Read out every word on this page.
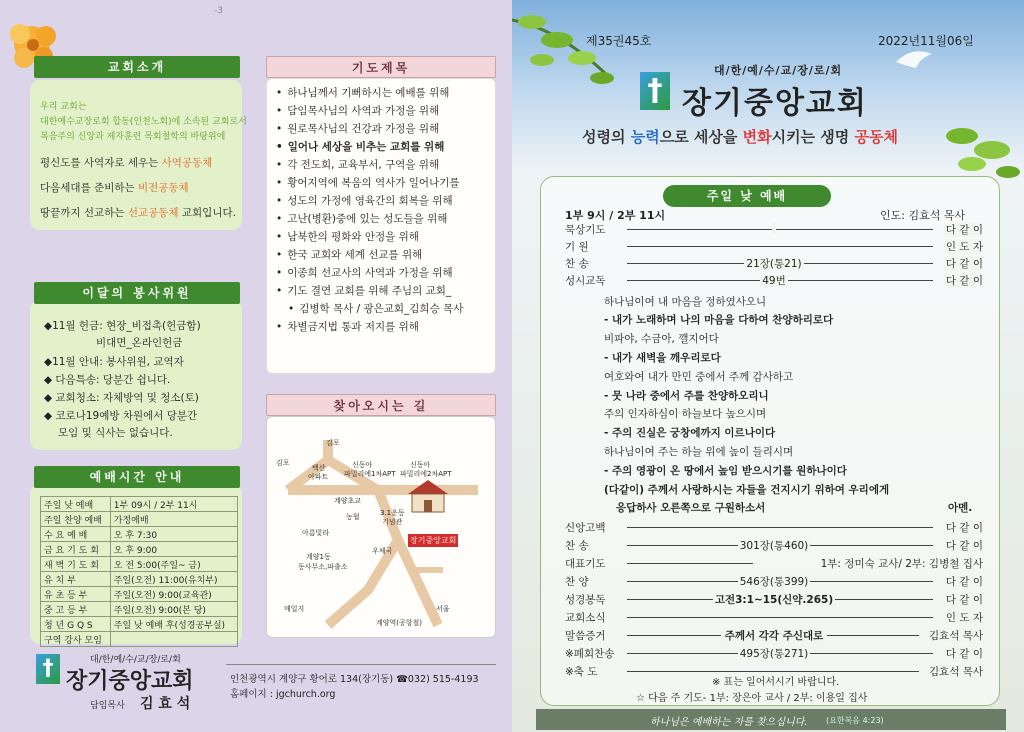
-3
교회소개
우리 교회는
대한예수교장로회 합동(인천노회)에 소속된 교회로서
복음주의 신앙과 제자훈련 목회철학의 바탕위에
평신도를 사역자로 세우는 사역공동체
다음세대를 준비하는 비전공동체
땅끝까지 선교하는 선교공동체 교회입니다.
이달의 봉사위원
◆11월 헌금: 현장_비접촉(헌금함)
비대면_온라인헌금
◆11월 안내: 봉사위원, 교역자
◆ 다음특송: 당분간 쉽니다.
◆ 교회청소: 자체방역 및 청소(토)
◆ 코로나19예방 차원에서 당분간
모임 및 식사는 없습니다.
예배시간 안내
주일 낮 예배	1부 09시 / 2부 11시
주일 찬양 예배	가정예배
수 요 예 배	오 후 7:30
금 요 기 도 회	오 후 9:00
새 벽 기 도 회	오 전 5:00(주일~ 금)
유 치 부	주일(오전) 11:00(유치부)
유 초 등 부	주일(오전) 9:00(교육관)
중 고 등 부	주일(오전) 9:00(본 당)
청 년 G Q S	주일 낮 예배 후(성경공부실)
구역 강사 모임	
†	대/한/예/수/교/장/로/회
장기중앙교회
담임목사 김 효 석
인천광역시 계양구 황어로 134(장기동) ☎032) 515-4193
홈페이지 : jgchurch.org
기도제목
• 하나님께서 기뻐하시는 예배를 위해
• 담임목사님의 사역과 가정을 위해
• 원로목사님의 건강과 가정을 위해
• 일어나 세상을 비추는 교회를 위해
• 각 전도회, 교육부서, 구역을 위해
• 황어지역에 복음의 역사가 일어나기를
• 성도의 가정에 영육간의 회복을 위해
• 고난(병환)중에 있는 성도들을 위해
• 남북한의 평화와 안정을 위해
• 한국 교회와 세계 선교를 위해
• 이종희 선교사의 사역과 가정을 위해
• 기도 결연 교회를 위해 주님의 교회_
• 김병학 목사 / 광은교회_김희승 목사
• 차별금지법 통과 저지를 위해
찾아오시는 길
김포
김포
백산
아파트
신동아
파밀리에1차APT
신동아
파밀리에2차APT
계양초교
농협	3.1운동
기념관
아름빛라
계양1동
동사무소,파출소
우체국
장기중앙교회
매일지	서울
계양역(공항철)
제35권45호	2022년11월06일
†
대/한/예/수/교/장/로/회
장기중앙교회
성령의 능력으로 세상을 변화시키는 생명 공동체
주일 낮 예배
1부 9시 / 2부 11시	인도: 김효석 목사
묵상기도	다 같 이
기 원	인 도 자
찬 송	21장(통21)	다 같 이
성시교독	49번	다 같 이
하나님이여 내 마음을 정하였사오니
- 내가 노래하며 나의 마음을 다하여 찬양하리로다
비파야, 수금아, 깰지어다
- 내가 새벽을 깨우리로다
여호와여 내가 만민 중에서 주께 감사하고
- 뭇 나라 중에서 주를 찬양하오리니
주의 인자하심이 하늘보다 높으시며
- 주의 진실은 궁창에까지 이르나이다
하나님이여 주는 하늘 위에 높이 들리시며
- 주의 영광이 온 땅에서 높임 받으시기를 원하나이다
(다같이) 주께서 사랑하시는 자들을 건지시기 위하여 우리에게
응답하사 오른쪽으로 구원하소서	아멘.
신앙고백	다 같 이
찬 송	301장(통460)	다 같 이
대표기도	1부: 정미숙 교사/ 2부: 김병철 집사
찬 양	546장(통399)	다 같 이
성경봉독	고전3:1~15(신약.265)	다 같 이
교회소식	인 도 자
말씀증거	주께서 각각 주신대로	김효석 목사
※폐회찬송	495장(통271)	다 같 이
※축 도	김효석 목사
※ 표는 일어서시기 바랍니다.
☆ 다음 주 기도- 1부: 장은아 교사 / 2부: 이용일 집사
하나님은 예배하는 자를 찾으십니다. (요한복음 4:23)
